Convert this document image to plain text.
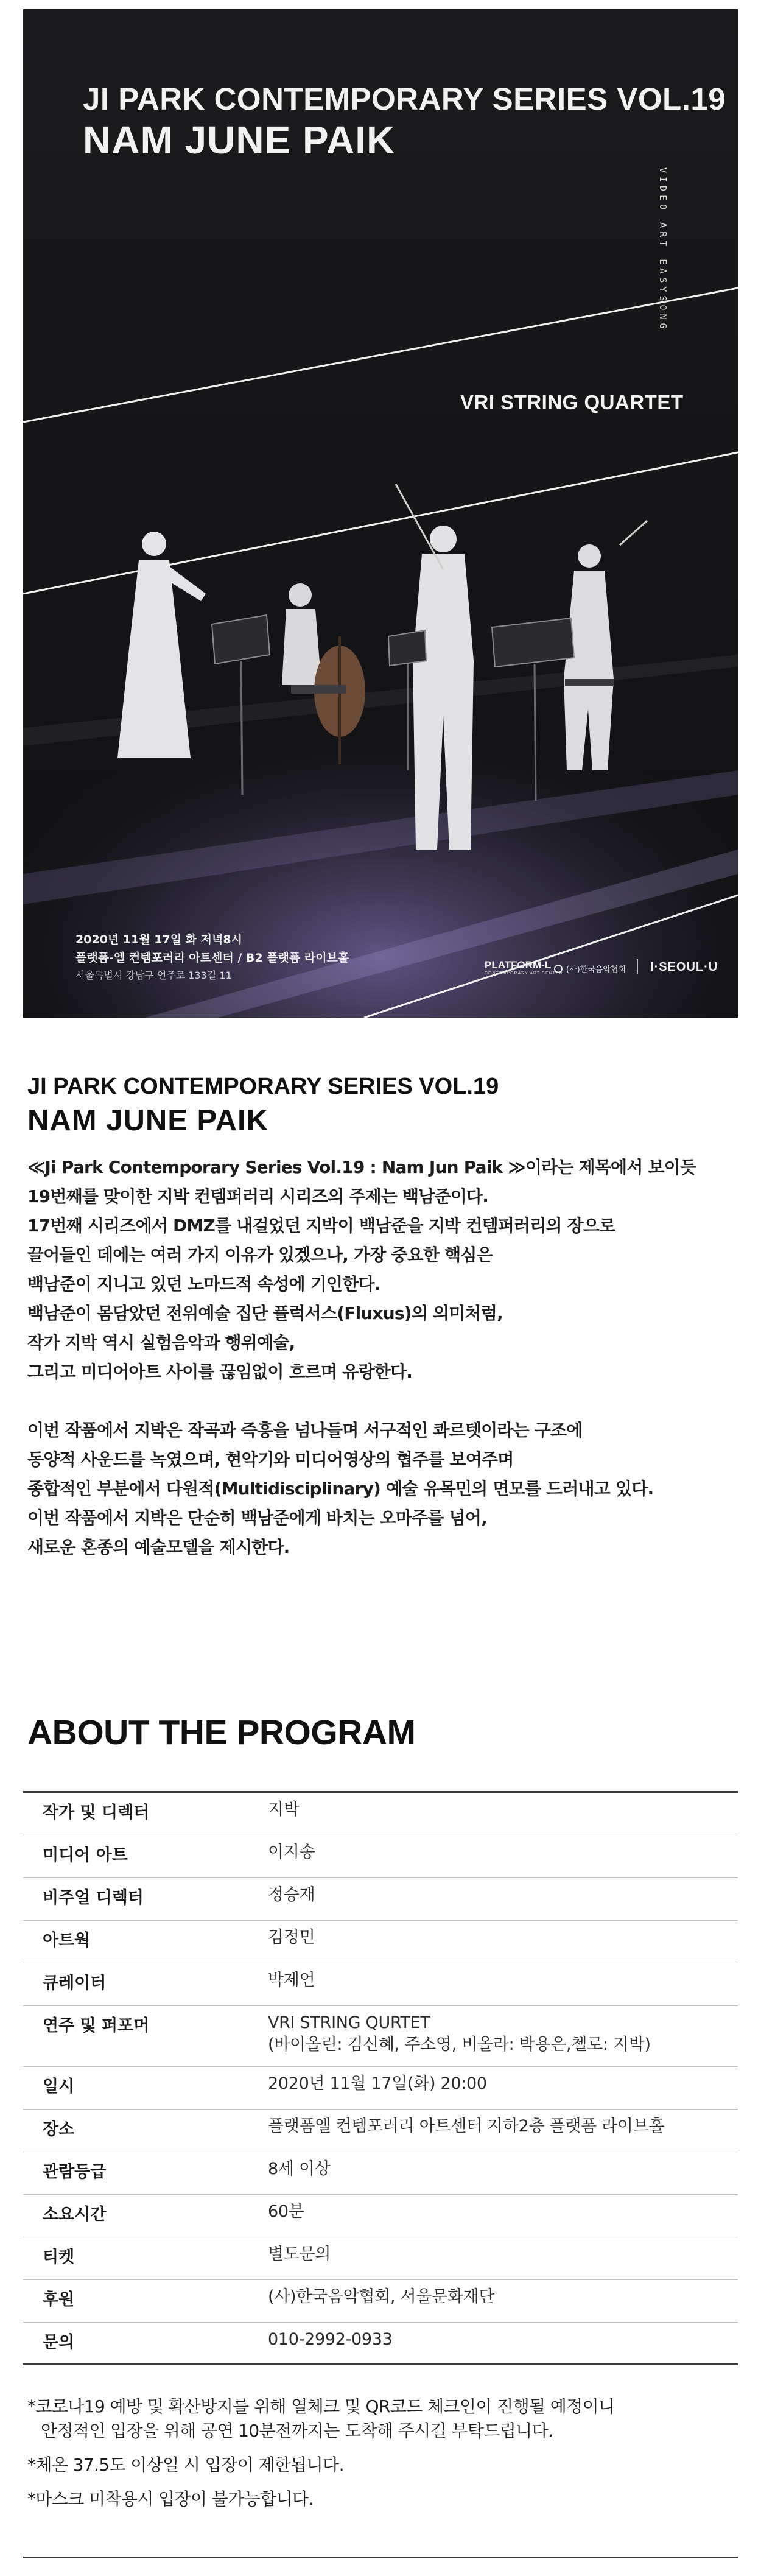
JI PARK CONTEMPORARY SERIES VOL.19
NAM JUNE PAIK
VIDEO ART EASYSONG
VRI STRING QUARTET
2020년 11월 17일 화 저녁8시
플랫폼-엘 컨템포러리 아트센터 / B2 플랫폼 라이브홀
서울특별시 강남구 언주로 133길 11
PLATFORM-L
CONTEMPORARY ART CENTER (사)한국음악협회 I·SEOUL·U
JI PARK CONTEMPORARY SERIES VOL.19
NAM JUNE PAIK

≪Ji Park Contemporary Series Vol.19 : Nam Jun Paik ≫이라는 제목에서 보이듯

19번째를 맞이한 지박 컨템퍼러리 시리즈의 주제는 백남준이다.

17번째 시리즈에서 DMZ를 내걸었던 지박이 백남준을 지박 컨템퍼러리의 장으로

끌어들인 데에는 여러 가지 이유가 있겠으나, 가장 중요한 핵심은

백남준이 지니고 있던 노마드적 속성에 기인한다.

백남준이 몸담았던 전위예술 집단 플럭서스(Fluxus)의 의미처럼,

작가 지박 역시 실험음악과 행위예술,

그리고 미디어아트 사이를 끊임없이 흐르며 유랑한다.

이번 작품에서 지박은 작곡과 즉흥을 넘나들며 서구적인 콰르텟이라는 구조에

동양적 사운드를 녹였으며, 현악기와 미디어영상의 협주를 보여주며

종합적인 부분에서 다원적(Multidisciplinary) 예술 유목민의 면모를 드러내고 있다.

이번 작품에서 지박은 단순히 백남준에게 바치는 오마주를 넘어,

새로운 혼종의 예술모델을 제시한다.

ABOUT THE PROGRAM
작가 및 디렉터	지박
미디어 아트	이지송
비주얼 디렉터	정승재
아트웍	김정민
큐레이터	박제언
연주 및 퍼포머	VRI STRING QURTET
(바이올린: 김신혜, 주소영, 비올라: 박용은,첼로: 지박)
일시	2020년 11월 17일(화) 20:00
장소	플랫폼엘 컨템포러리 아트센터 지하2층 플랫폼 라이브홀
관람등급	8세 이상
소요시간	60분
티켓	별도문의
후원	(사)한국음악협회, 서울문화재단
문의	010-2992-0933

*코로나19 예방 및 확산방지를 위해 열체크 및 QR코드 체크인이 진행될 예정이니
안정적인 입장을 위해 공연 10분전까지는 도착해 주시길 부탁드립니다.

*체온 37.5도 이상일 시 입장이 제한됩니다.

*마스크 미착용시 입장이 불가능합니다.
